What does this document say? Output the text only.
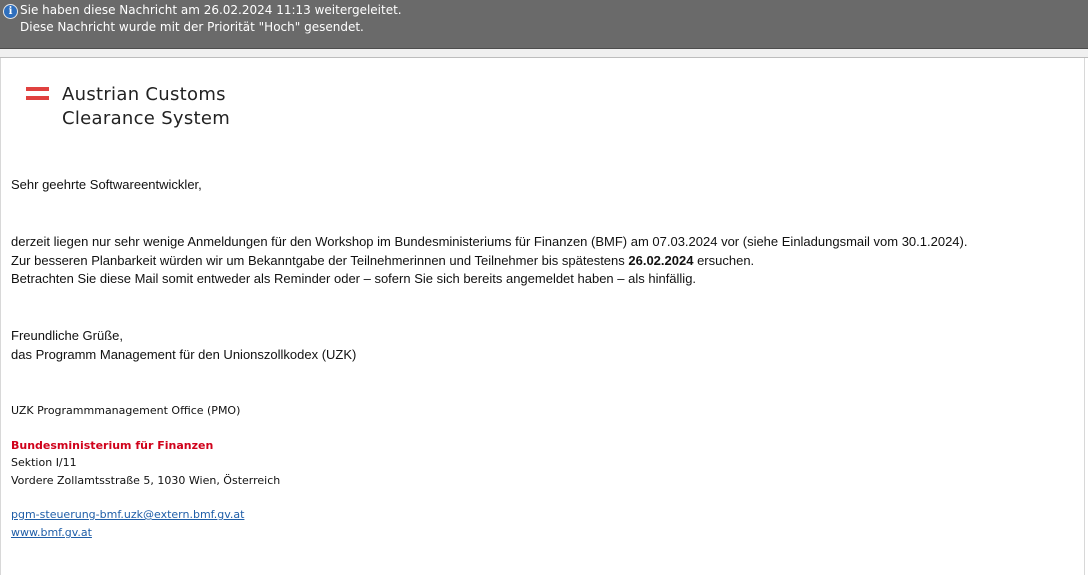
i Sie haben diese Nachricht am 26.02.2024 11:13 weitergeleitet.
Diese Nachricht wurde mit der Priorität "Hoch" gesendet.
Austrian Customs
Clearance System
Sehr geehrte Softwareentwickler,
derzeit liegen nur sehr wenige Anmeldungen für den Workshop im Bundesministeriums für Finanzen (BMF) am 07.03.2024 vor (siehe Einladungsmail vom 30.1.2024).
Zur besseren Planbarkeit würden wir um Bekanntgabe der Teilnehmerinnen und Teilnehmer bis spätestens 26.02.2024 ersuchen.
Betrachten Sie diese Mail somit entweder als Reminder oder – sofern Sie sich bereits angemeldet haben – als hinfällig.
Freundliche Grüße,
das Programm Management für den Unionszollkodex (UZK)
UZK Programmmanagement Office (PMO)
Bundesministerium für Finanzen
Sektion I/11
Vordere Zollamtsstraße 5, 1030 Wien, Österreich
pgm-steuerung-bmf.uzk@extern.bmf.gv.at
www.bmf.gv.at
